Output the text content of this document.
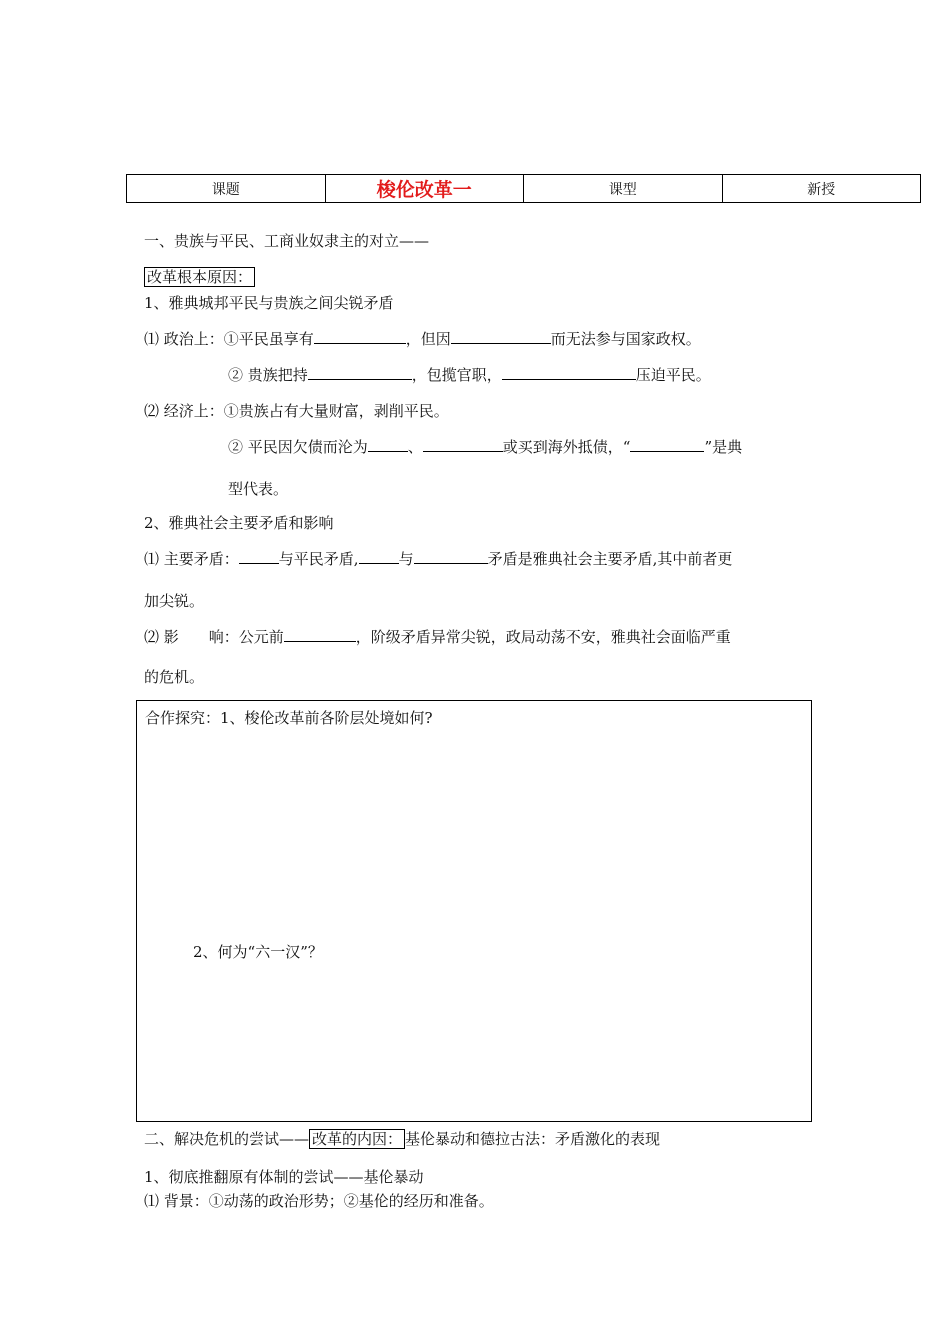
课题	梭伦改革一	课型	新授
一、贵族与平民、工商业奴隶主的对立——
改革根本原因：
1、雅典城邦平民与贵族之间尖锐矛盾
⑴ 政治上：①平民虽享有	，但因	而无法参与国家政权。
② 贵族把持	，包揽官职，	压迫平民。
⑵ 经济上：①贵族占有大量财富，剥削平民。
② 平民因欠债而沦为	、	或买到海外抵债，“	”是典
型代表。
2、雅典社会主要矛盾和影响
⑴ 主要矛盾：	与平民矛盾,	与	矛盾是雅典社会主要矛盾,其中前者更
加尖锐。
⑵ 影　　响：公元前	，阶级矛盾异常尖锐，政局动荡不安，雅典社会面临严重
的危机。
合作探究：1、梭伦改革前各阶层处境如何?
2、何为“六一汉”？
二、解决危机的尝试—— 改革的内因： 基伦暴动和德拉古法：矛盾激化的表现
1、彻底推翻原有体制的尝试——基伦暴动
⑴ 背景：①动荡的政治形势；②基伦的经历和准备。
